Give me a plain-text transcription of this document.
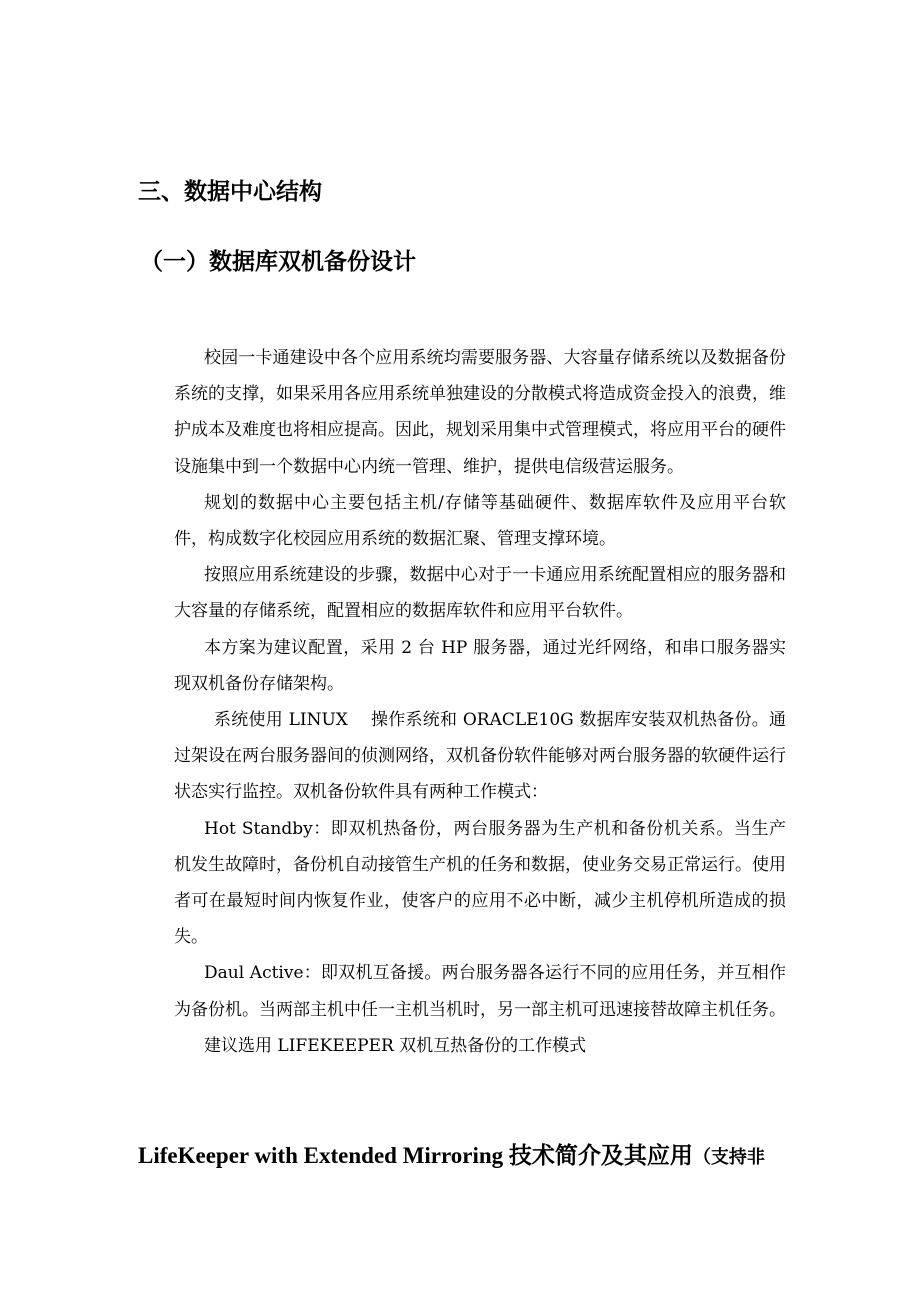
三、数据中心结构
（一）数据库双机备份设计

校园一卡通建设中各个应用系统均需要服务器、大容量存储系统以及数据备份系统的支撑，如果采用各应用系统单独建设的分散模式将造成资金投入的浪费，维护成本及难度也将相应提高。因此，规划采用集中式管理模式，将应用平台的硬件设施集中到一个数据中心内统一管理、维护，提供电信级营运服务。

规划的数据中心主要包括主机/存储等基础硬件、数据库软件及应用平台软件，构成数字化校园应用系统的数据汇聚、管理支撑环境。

按照应用系统建设的步骤，数据中心对于一卡通应用系统配置相应的服务器和大容量的存储系统，配置相应的数据库软件和应用平台软件。

本方案为建议配置，采用 2 台 HP 服务器，通过光纤网络，和串口服务器实现双机备份存储架构。

系统使用 LINUX　 操作系统和 ORACLE10G 数据库安装双机热备份。通过架设在两台服务器间的侦测网络，双机备份软件能够对两台服务器的软硬件运行状态实行监控。双机备份软件具有两种工作模式：

Hot Standby：即双机热备份，两台服务器为生产机和备份机关系。当生产机发生故障时，备份机自动接管生产机的任务和数据，使业务交易正常运行。使用者可在最短时间内恢复作业，使客户的应用不必中断，减少主机停机所造成的损失。

Daul Active：即双机互备援。两台服务器各运行不同的应用任务，并互相作为备份机。当两部主机中任一主机当机时，另一部主机可迅速接替故障主机任务。

建议选用 LIFEKEEPER 双机互热备份的工作模式

LifeKeeper with Extended Mirroring 技术简介及其应用（支持非
